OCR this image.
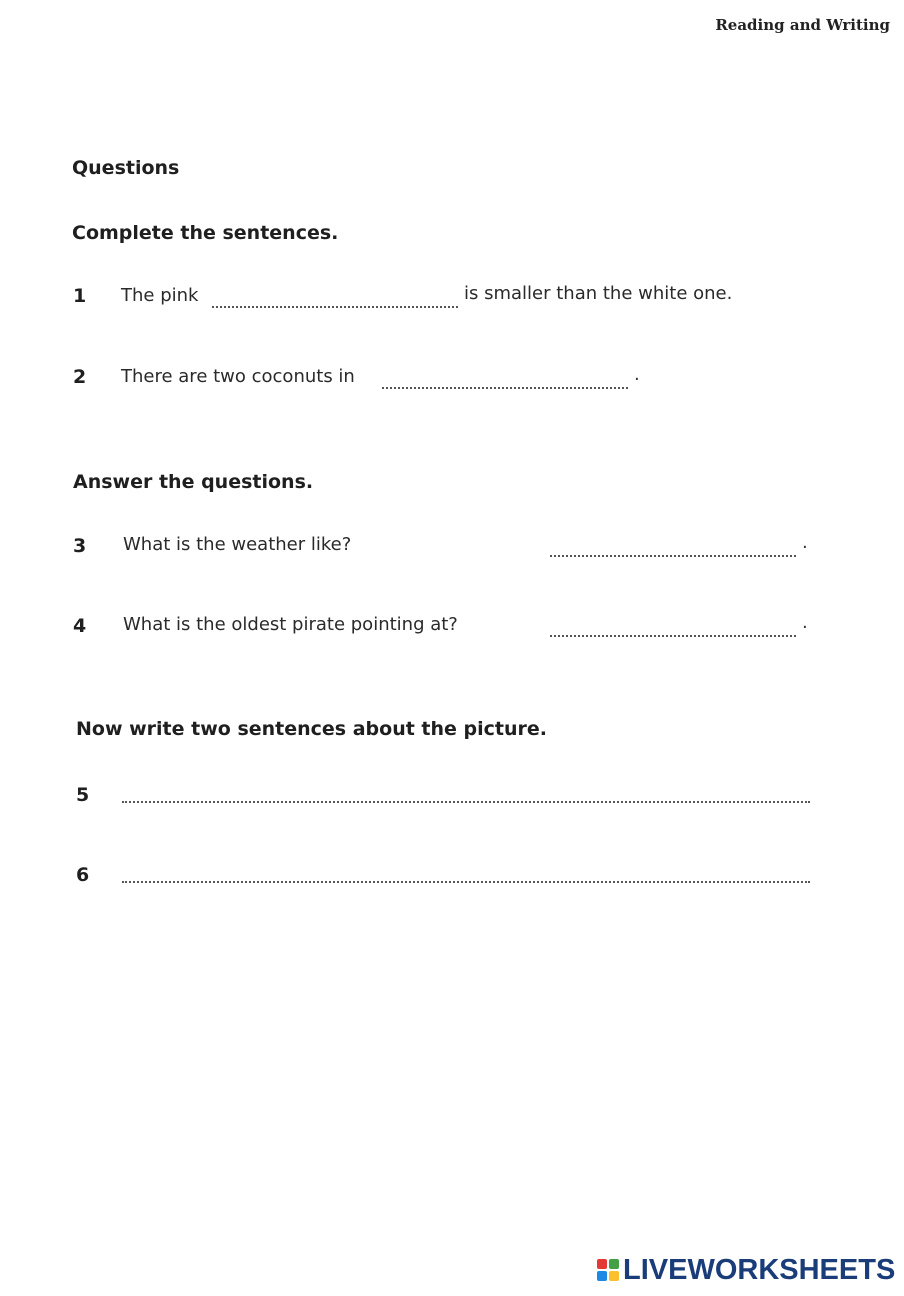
Reading and Writing
Questions
Complete the sentences.
1 The pink	is smaller than the white one.
2 There are two coconuts in	.
Answer the questions.
3 What is the weather like?	.
4 What is the oldest pirate pointing at?	.
Now write two sentences about the picture.
5
6
LIVEWORKSHEETS
